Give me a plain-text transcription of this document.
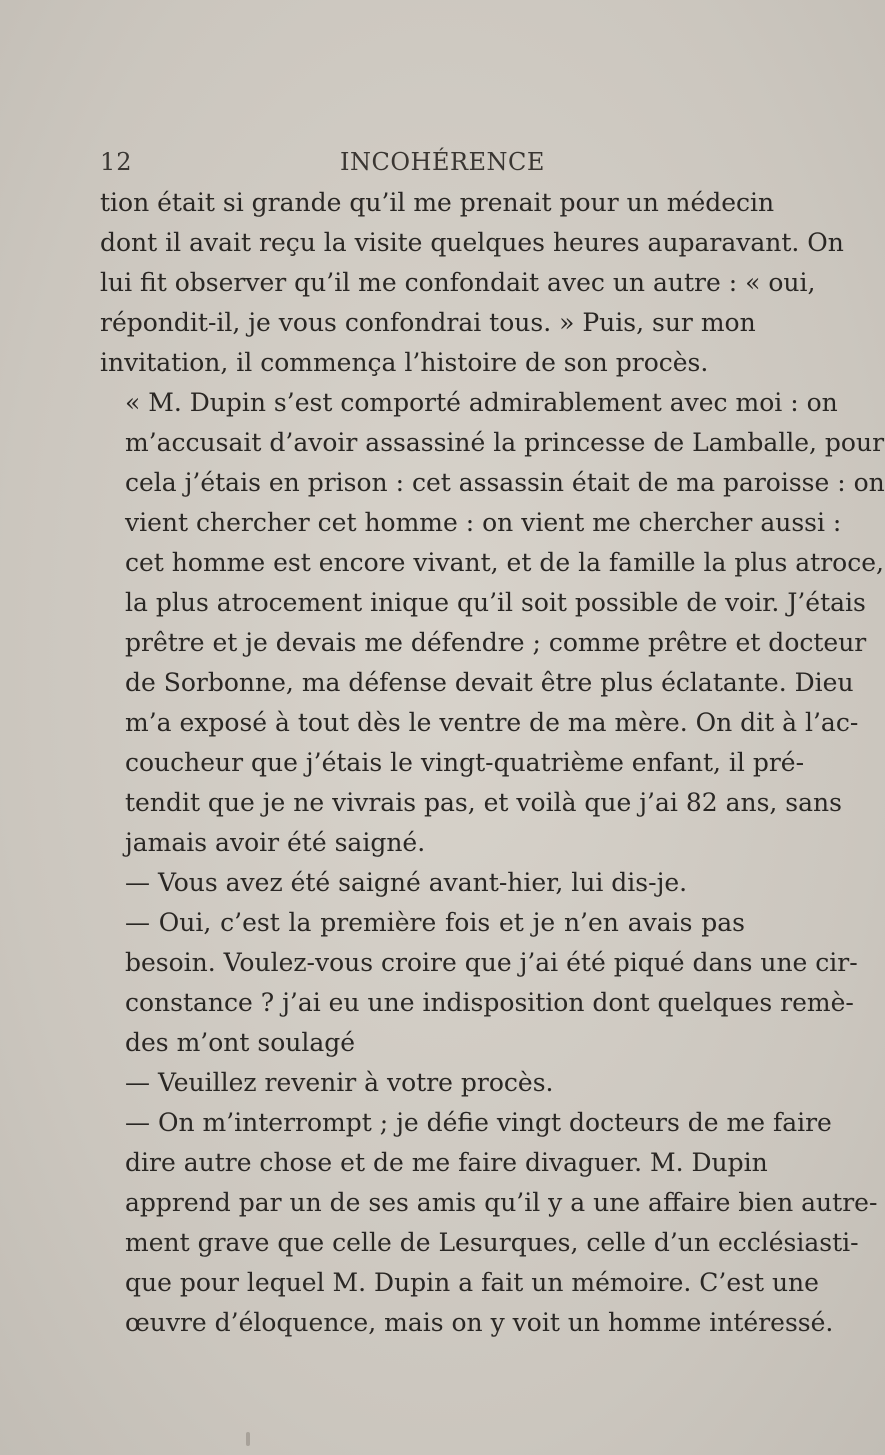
12	INCOHÉRENCE

tion était si grande qu’il me prenait pour un médecin
dont il avait reçu la visite quelques heures auparavant. On
lui fit observer qu’il me confondait avec un autre : « oui,
répondit-il, je vous confondrai tous. » Puis, sur mon
invitation, il commença l’histoire de son procès.

« M. Dupin s’est comporté admirablement avec moi : on
m’accusait d’avoir assassiné la princesse de Lamballe, pour
cela j’étais en prison : cet assassin était de ma paroisse : on
vient chercher cet homme : on vient me chercher aussi :
cet homme est encore vivant, et de la famille la plus atroce,
la plus atrocement inique qu’il soit possible de voir. J’étais
prêtre et je devais me défendre ; comme prêtre et docteur
de Sorbonne, ma défense devait être plus éclatante. Dieu
m’a exposé à tout dès le ventre de ma mère. On dit à l’ac-
coucheur que j’étais le vingt-quatrième enfant, il pré-
tendit que je ne vivrais pas, et voilà que j’ai 82 ans, sans
jamais avoir été saigné.

— Vous avez été saigné avant-hier, lui dis-je.

— Oui, c’est la première fois et je n’en avais pas
besoin. Voulez-vous croire que j’ai été piqué dans une cir-
constance ? j’ai eu une indisposition dont quelques remè-
des m’ont soulagé

— Veuillez revenir à votre procès.

— On m’interrompt ; je défie vingt docteurs de me faire
dire autre chose et de me faire divaguer. M. Dupin
apprend par un de ses amis qu’il y a une affaire bien autre-
ment grave que celle de Lesurques, celle d’un ecclésiasti-
que pour lequel M. Dupin a fait un mémoire. C’est une
œuvre d’éloquence, mais on y voit un homme intéressé.
